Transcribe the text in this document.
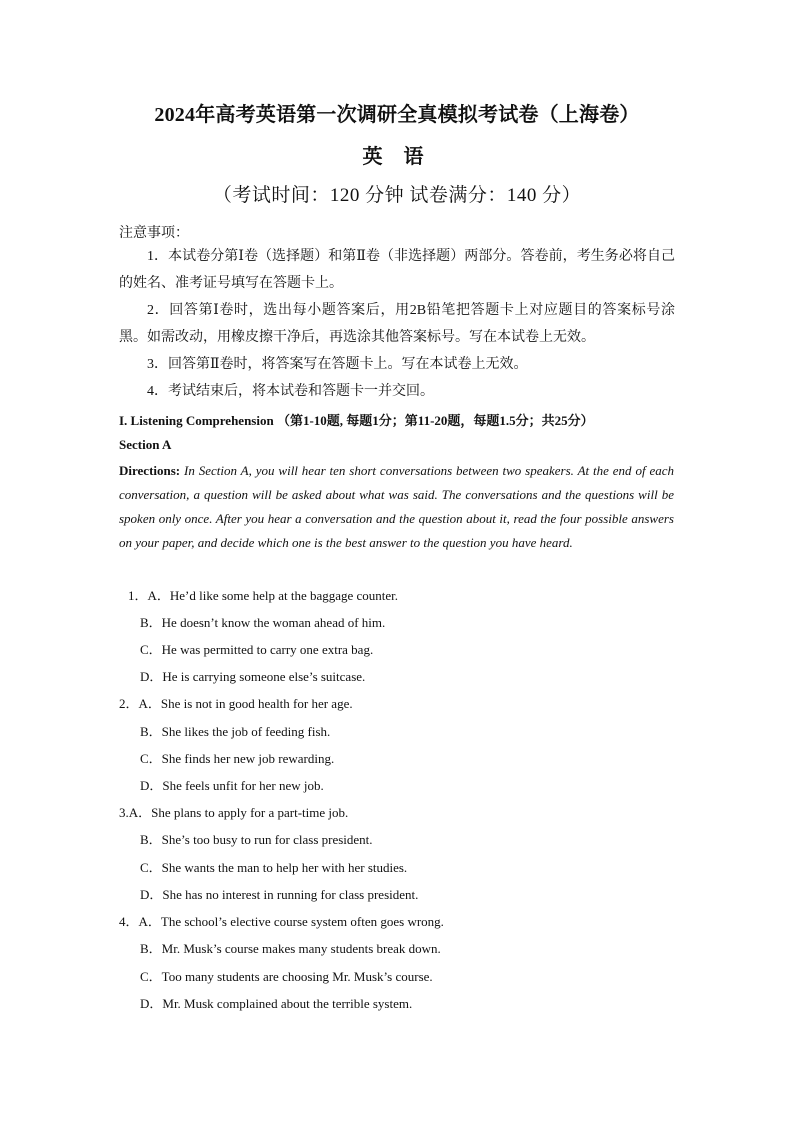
2024年高考英语第一次调研全真模拟考试卷（上海卷）
英 语
（考试时间：120 分钟 试卷满分：140 分）
注意事项：

1．本试卷分第Ⅰ卷（选择题）和第Ⅱ卷（非选择题）两部分。答卷前，考生务必将自己的姓名、准考证号填写在答题卡上。

2．回答第Ⅰ卷时，选出每小题答案后，用2B铅笔把答题卡上对应题目的答案标号涂黑。如需改动，用橡皮擦干净后，再选涂其他答案标号。写在本试卷上无效。

3．回答第Ⅱ卷时，将答案写在答题卡上。写在本试卷上无效。

4．考试结束后，将本试卷和答题卡一并交回。

I. Listening Comprehension （第1-10题, 每题1分；第11-20题，每题1.5分；共25分）
Section A

Directions: In Section A, you will hear ten short conversations between two speakers. At the end of each conversation, a question will be asked about what was said. The conversations and the questions will be spoken only once. After you hear a conversation and the question about it, read the four possible answers on your paper, and decide which one is the best answer to the question you have heard.

1．A．He’d like some help at the baggage counter.
B．He doesn’t know the woman ahead of him.
C．He was permitted to carry one extra bag.
D．He is carrying someone else’s suitcase.
2．A．She is not in good health for her age.
B．She likes the job of feeding fish.
C．She finds her new job rewarding.
D．She feels unfit for her new job.
3.A．She plans to apply for a part-time job.
B．She’s too busy to run for class president.
C．She wants the man to help her with her studies.
D．She has no interest in running for class president.
4．A．The school’s elective course system often goes wrong.
B．Mr. Musk’s course makes many students break down.
C．Too many students are choosing Mr. Musk’s course.
D．Mr. Musk complained about the terrible system.
